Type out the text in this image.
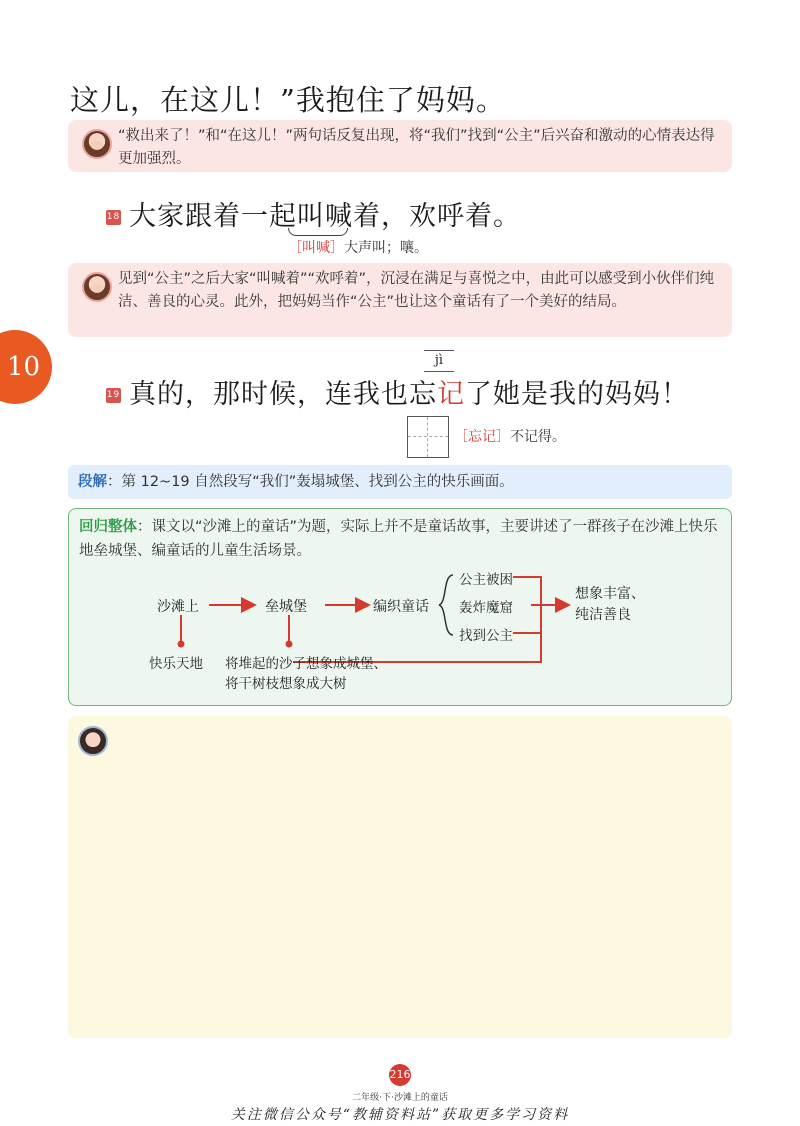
这儿，在这儿！”我抱住了妈妈。
“救出来了！”和“在这儿！”两句话反复出现，将“我们”找到“公主”后兴奋和激动的心情表达得更加强烈。
18 大家跟着一起叫喊着，欢呼着。
［叫喊］大声叫；嚷。
见到“公主”之后大家“叫喊着”“欢呼着”，沉浸在满足与喜悦之中，由此可以感受到小伙伴们纯洁、善良的心灵。此外，把妈妈当作“公主”也让这个童话有了一个美好的结局。
10	jì
19 真的，那时候，连我也忘记了她是我的妈妈！
［忘记］不记得。
段解：第 12~19 自然段写“我们”轰塌城堡、找到公主的快乐画面。
回归整体：课文以“沙滩上的童话”为题，实际上并不是童话故事，主要讲述了一群孩子在沙滩上快乐地垒城堡、编童话的儿童生活场景。
沙滩上	垒城堡	编织童话
公主被困
轰炸魔窟
找到公主
想象丰富、
纯洁善良
快乐天地 将堆起的沙子想象成城堡、
将干树枝想象成大树
216
二年级·下·沙滩上的童话
关注微信公众号“教辅资料站”获取更多学习资料
